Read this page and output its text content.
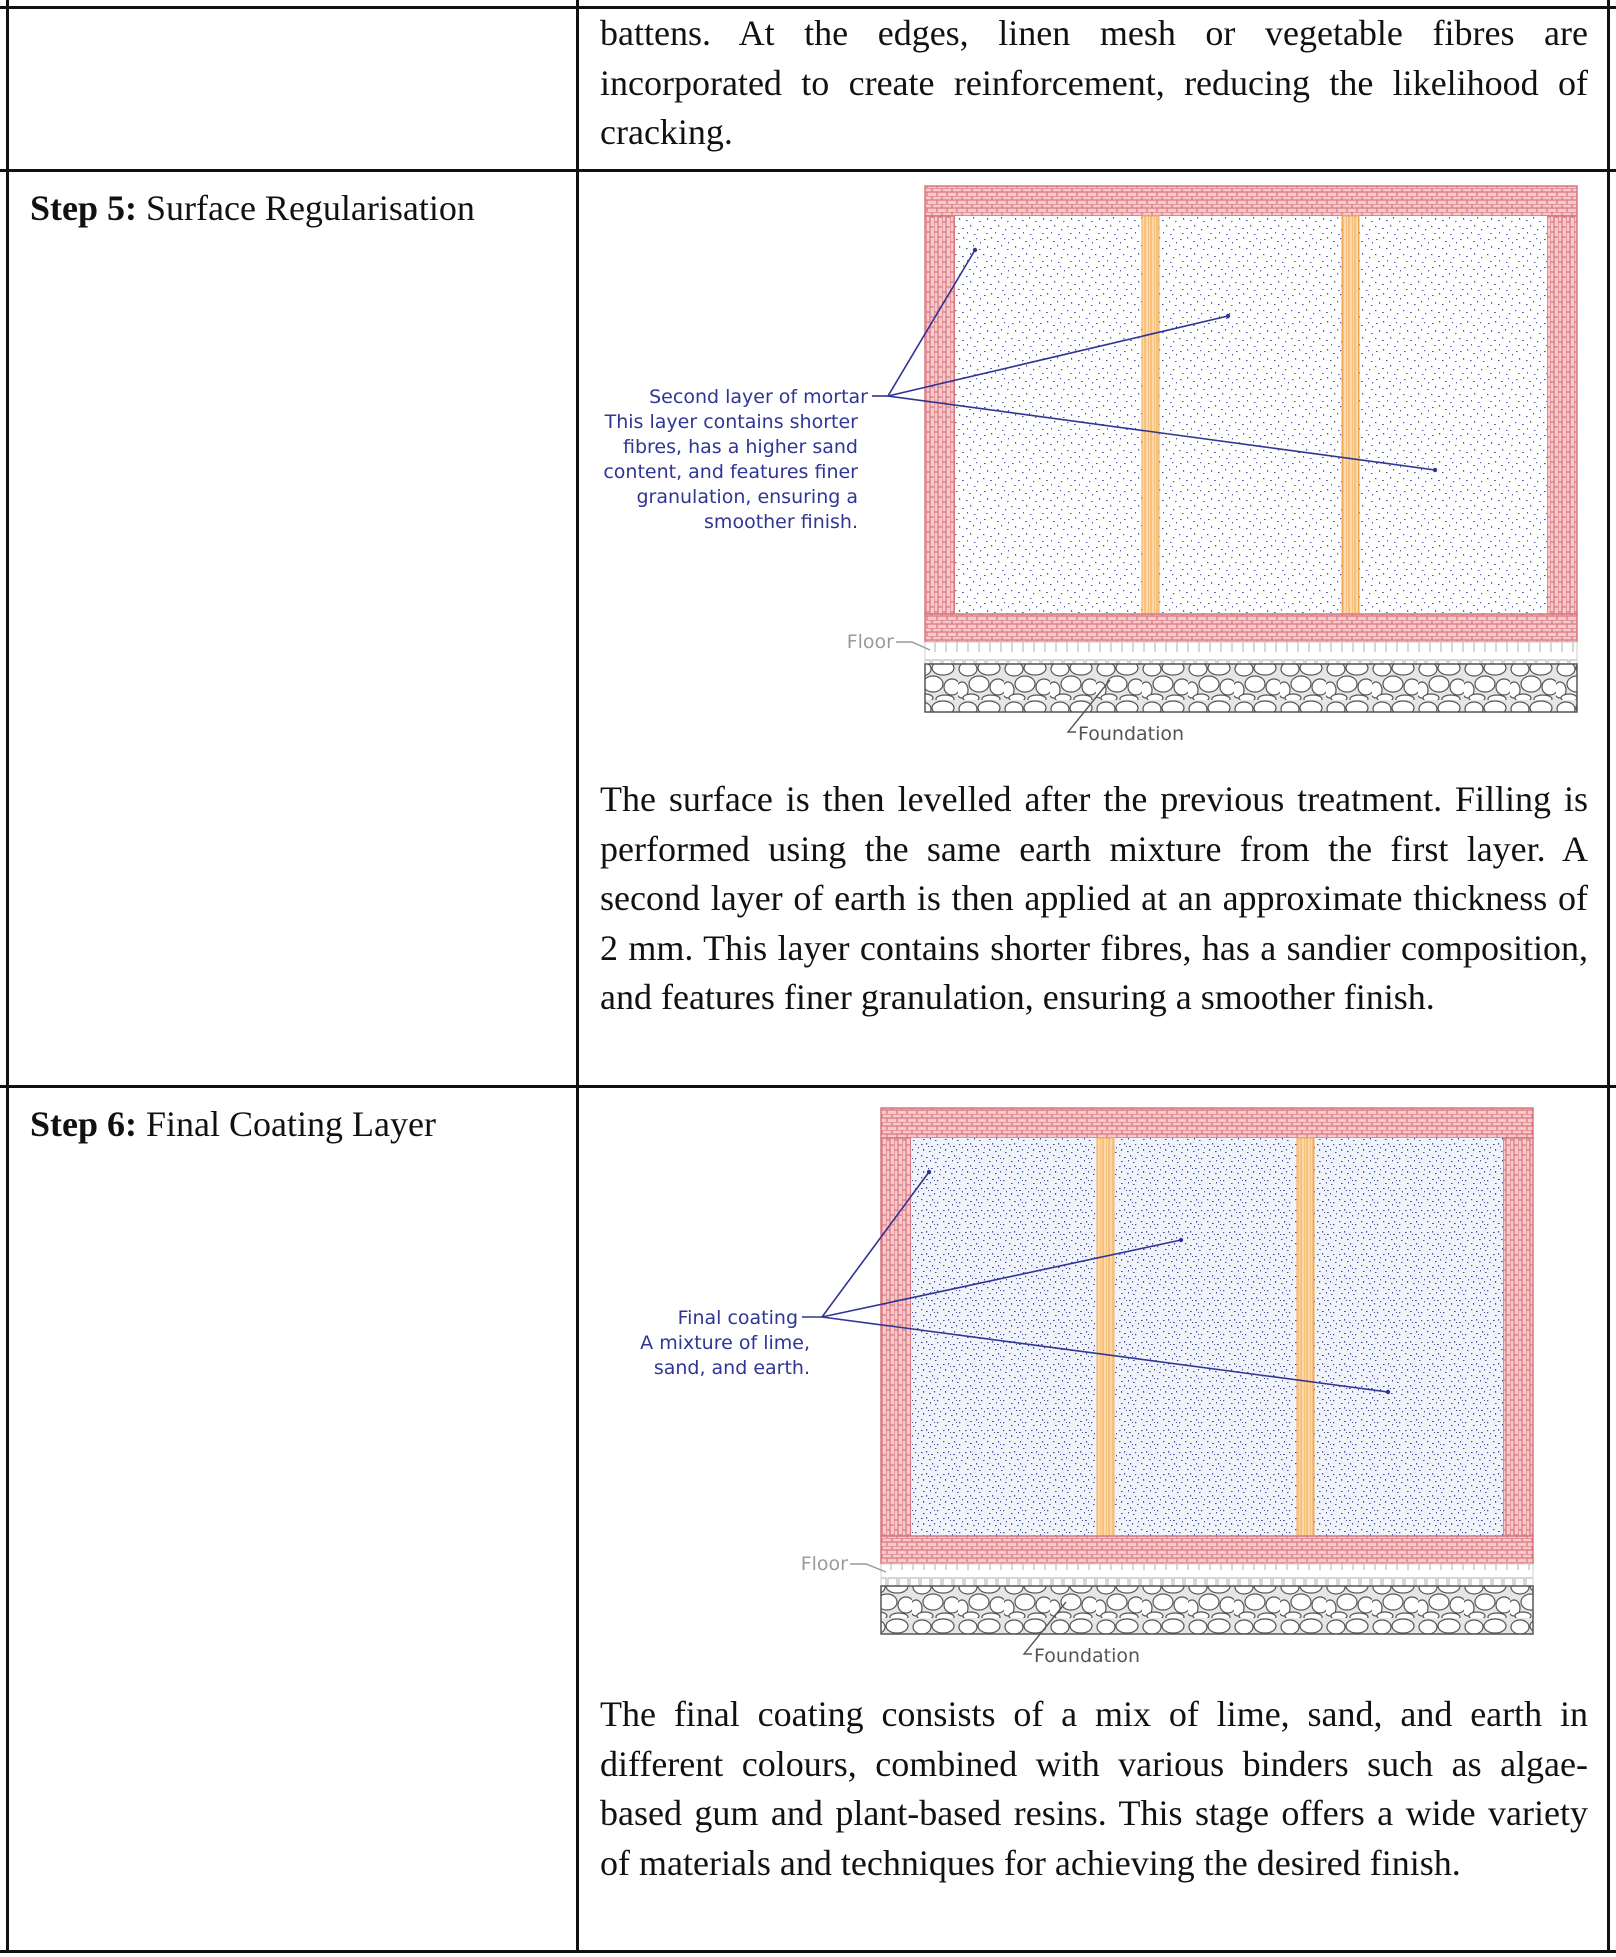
battens. At the edges, linen mesh or vegetable fibres are incorporated to create reinforcement, reducing the likelihood of cracking.
Step 5: Surface Regularisation
Second layer of mortar
This layer contains shorter
fibres, has a higher sand
content, and features finer
granulation, ensuring a
smoother finish.
Floor
Foundation
The surface is then levelled after the previous treatment. Filling is performed using the same earth mixture from the first layer. A second layer of earth is then applied at an approximate thickness of 2 mm. This layer contains shorter fibres, has a sandier composition, and features finer granulation, ensuring a smoother finish.
Step 6: Final Coating Layer
Final coating
A mixture of lime,
sand, and earth.
Floor
Foundation
The final coating consists of a mix of lime, sand, and earth in different colours, combined with various binders such as algae-based gum and plant-based resins. This stage offers a wide variety of materials and techniques for achieving the desired finish.
